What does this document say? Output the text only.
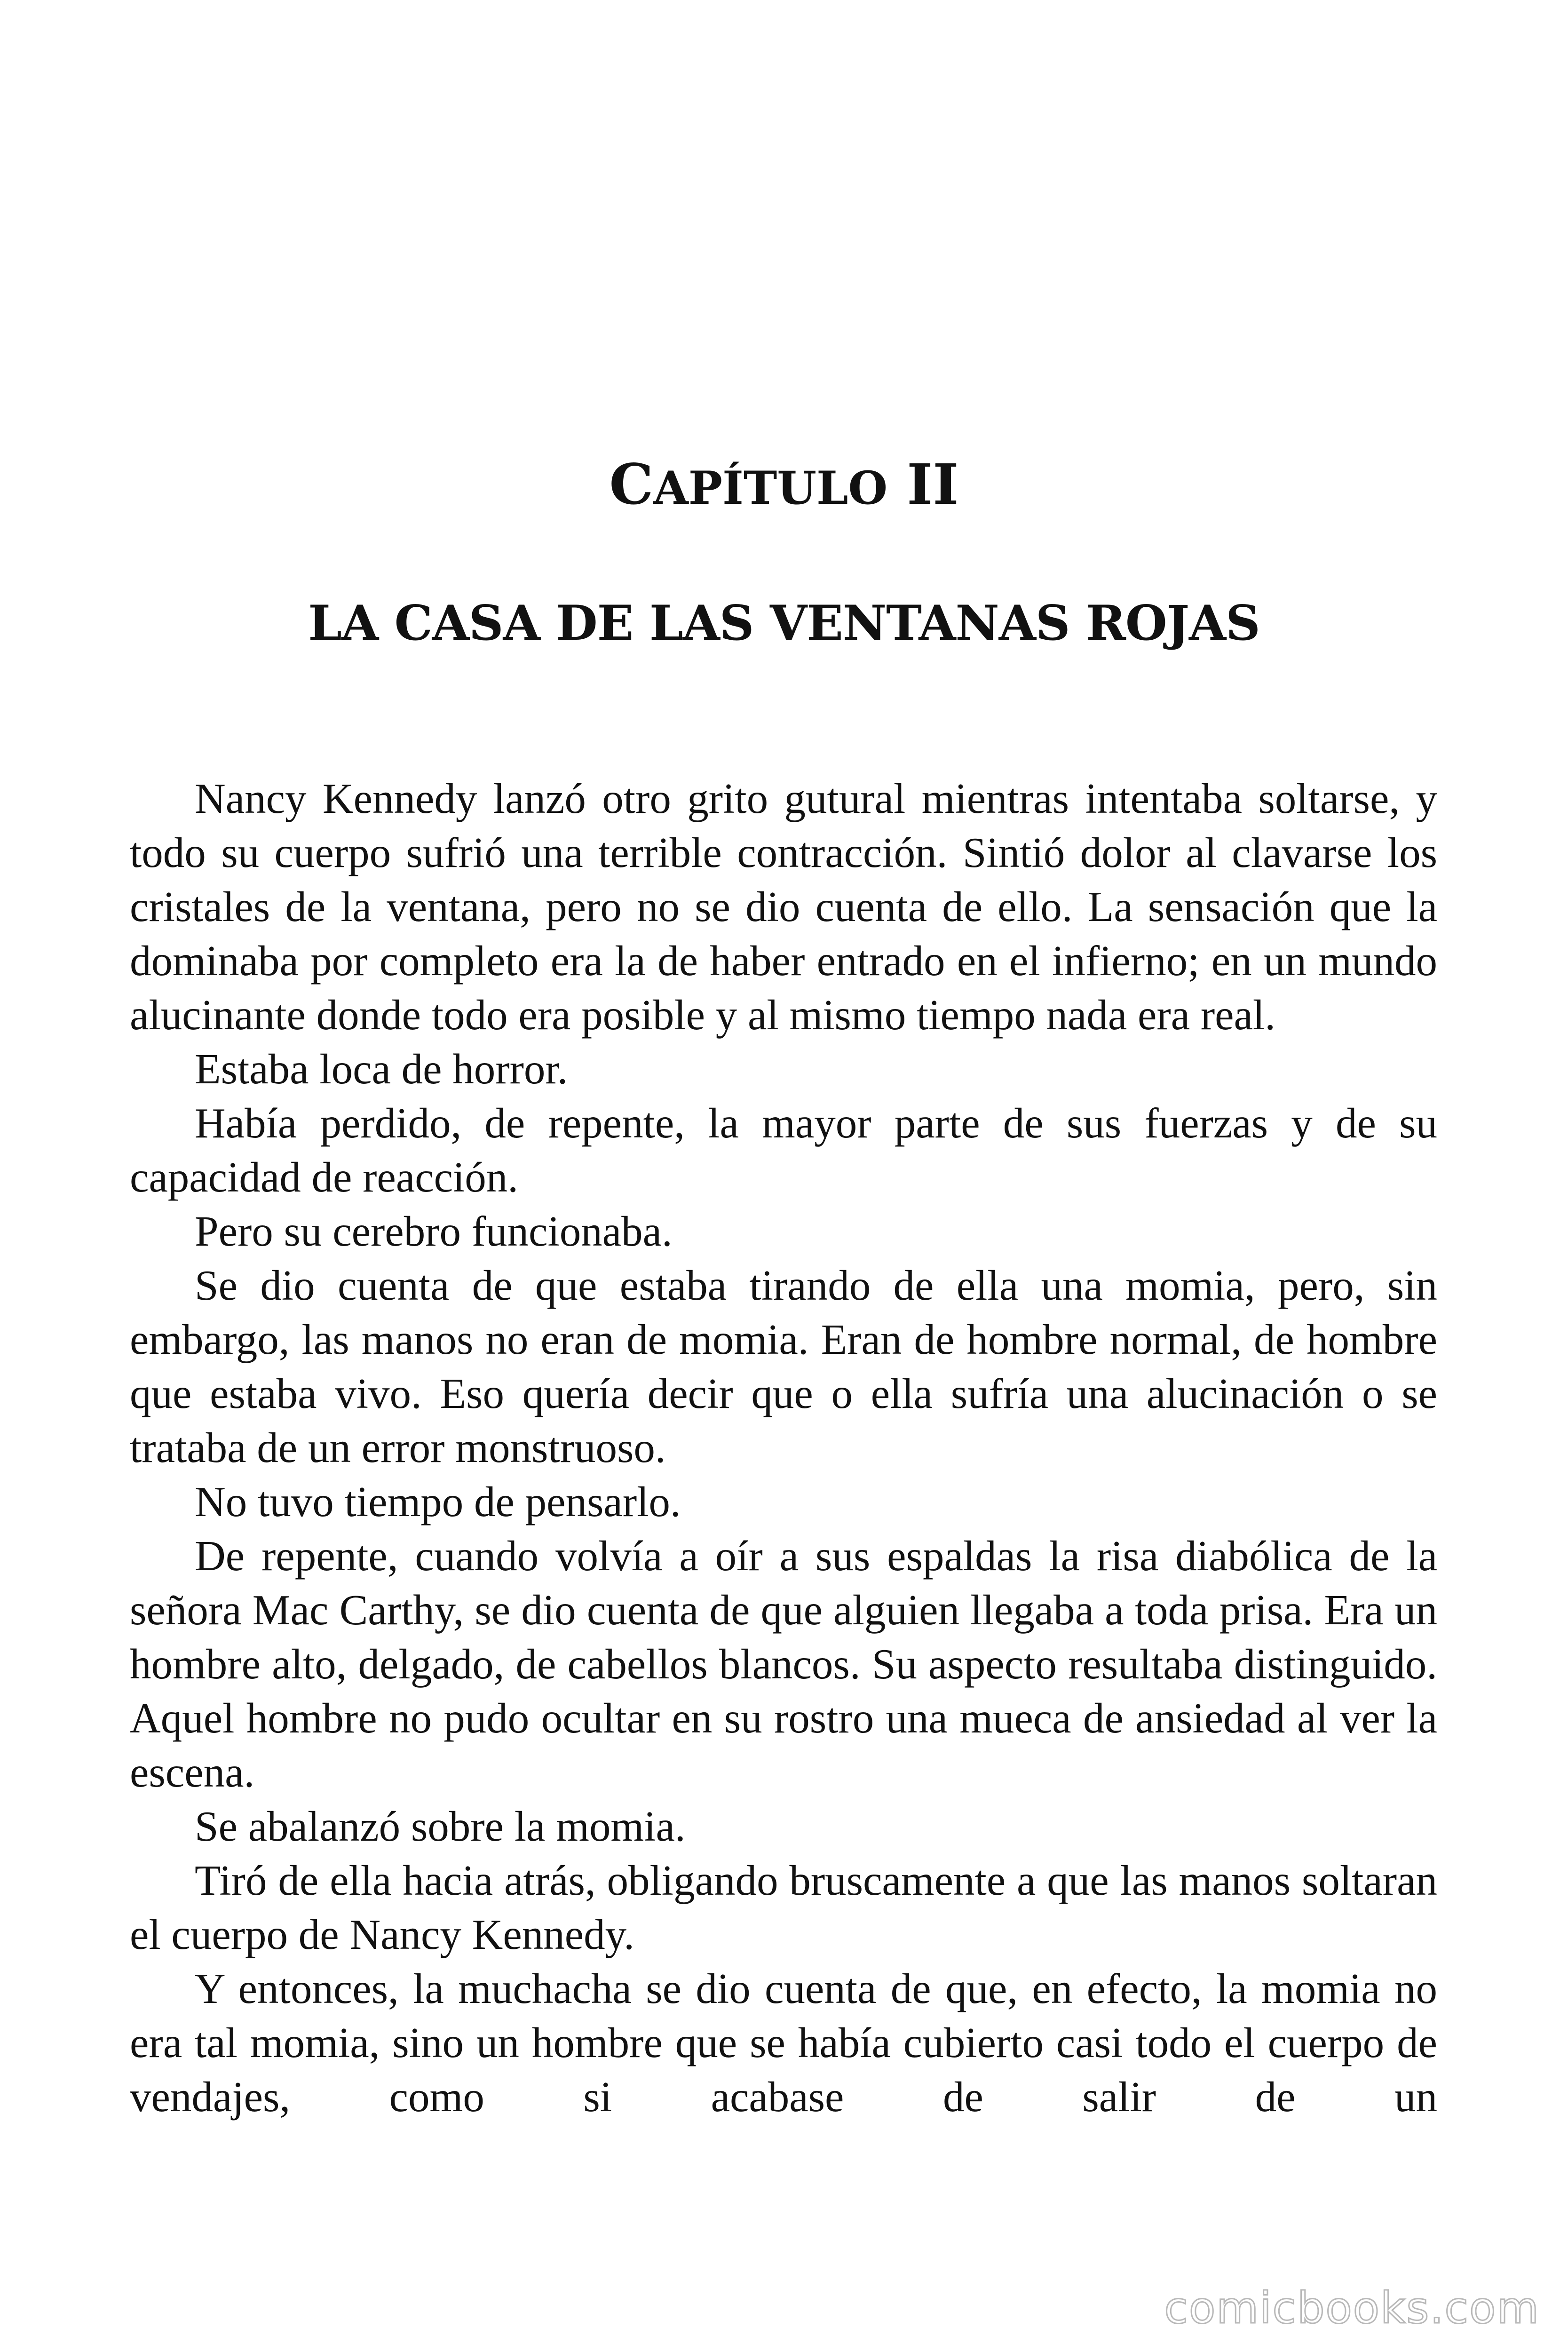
CAPÍTULO II
LA CASA DE LAS VENTANAS ROJAS

Nancy Kennedy lanzó otro grito gutural mientras intentaba soltarse, y todo su cuerpo sufrió una terrible contracción. Sintió dolor al clavarse los cristales de la ventana, pero no se dio cuenta de ello. La sensación que la dominaba por completo era la de haber entrado en el infierno; en un mundo alucinante donde todo era posible y al mismo tiempo nada era real.

Estaba loca de horror.

Había perdido, de repente, la mayor parte de sus fuerzas y de su capacidad de reacción.

Pero su cerebro funcionaba.

Se dio cuenta de que estaba tirando de ella una momia, pero, sin embargo, las manos no eran de momia. Eran de hombre normal, de hombre que estaba vivo. Eso quería decir que o ella sufría una alucinación o se trataba de un error monstruoso.

No tuvo tiempo de pensarlo.

De repente, cuando volvía a oír a sus espaldas la risa diabólica de la señora Mac Carthy, se dio cuenta de que alguien llegaba a toda prisa. Era un hombre alto, delgado, de cabellos blancos. Su aspecto resultaba distinguido. Aquel hombre no pudo ocultar en su rostro una mueca de ansiedad al ver la escena.

Se abalanzó sobre la momia.

Tiró de ella hacia atrás, obligando bruscamente a que las manos soltaran el cuerpo de Nancy Kennedy.

Y entonces, la muchacha se dio cuenta de que, en efecto, la momia no era tal momia, sino un hombre que se había cubierto casi todo el cuerpo de vendajes, como si acabase de salir de un

comicbooks.com
